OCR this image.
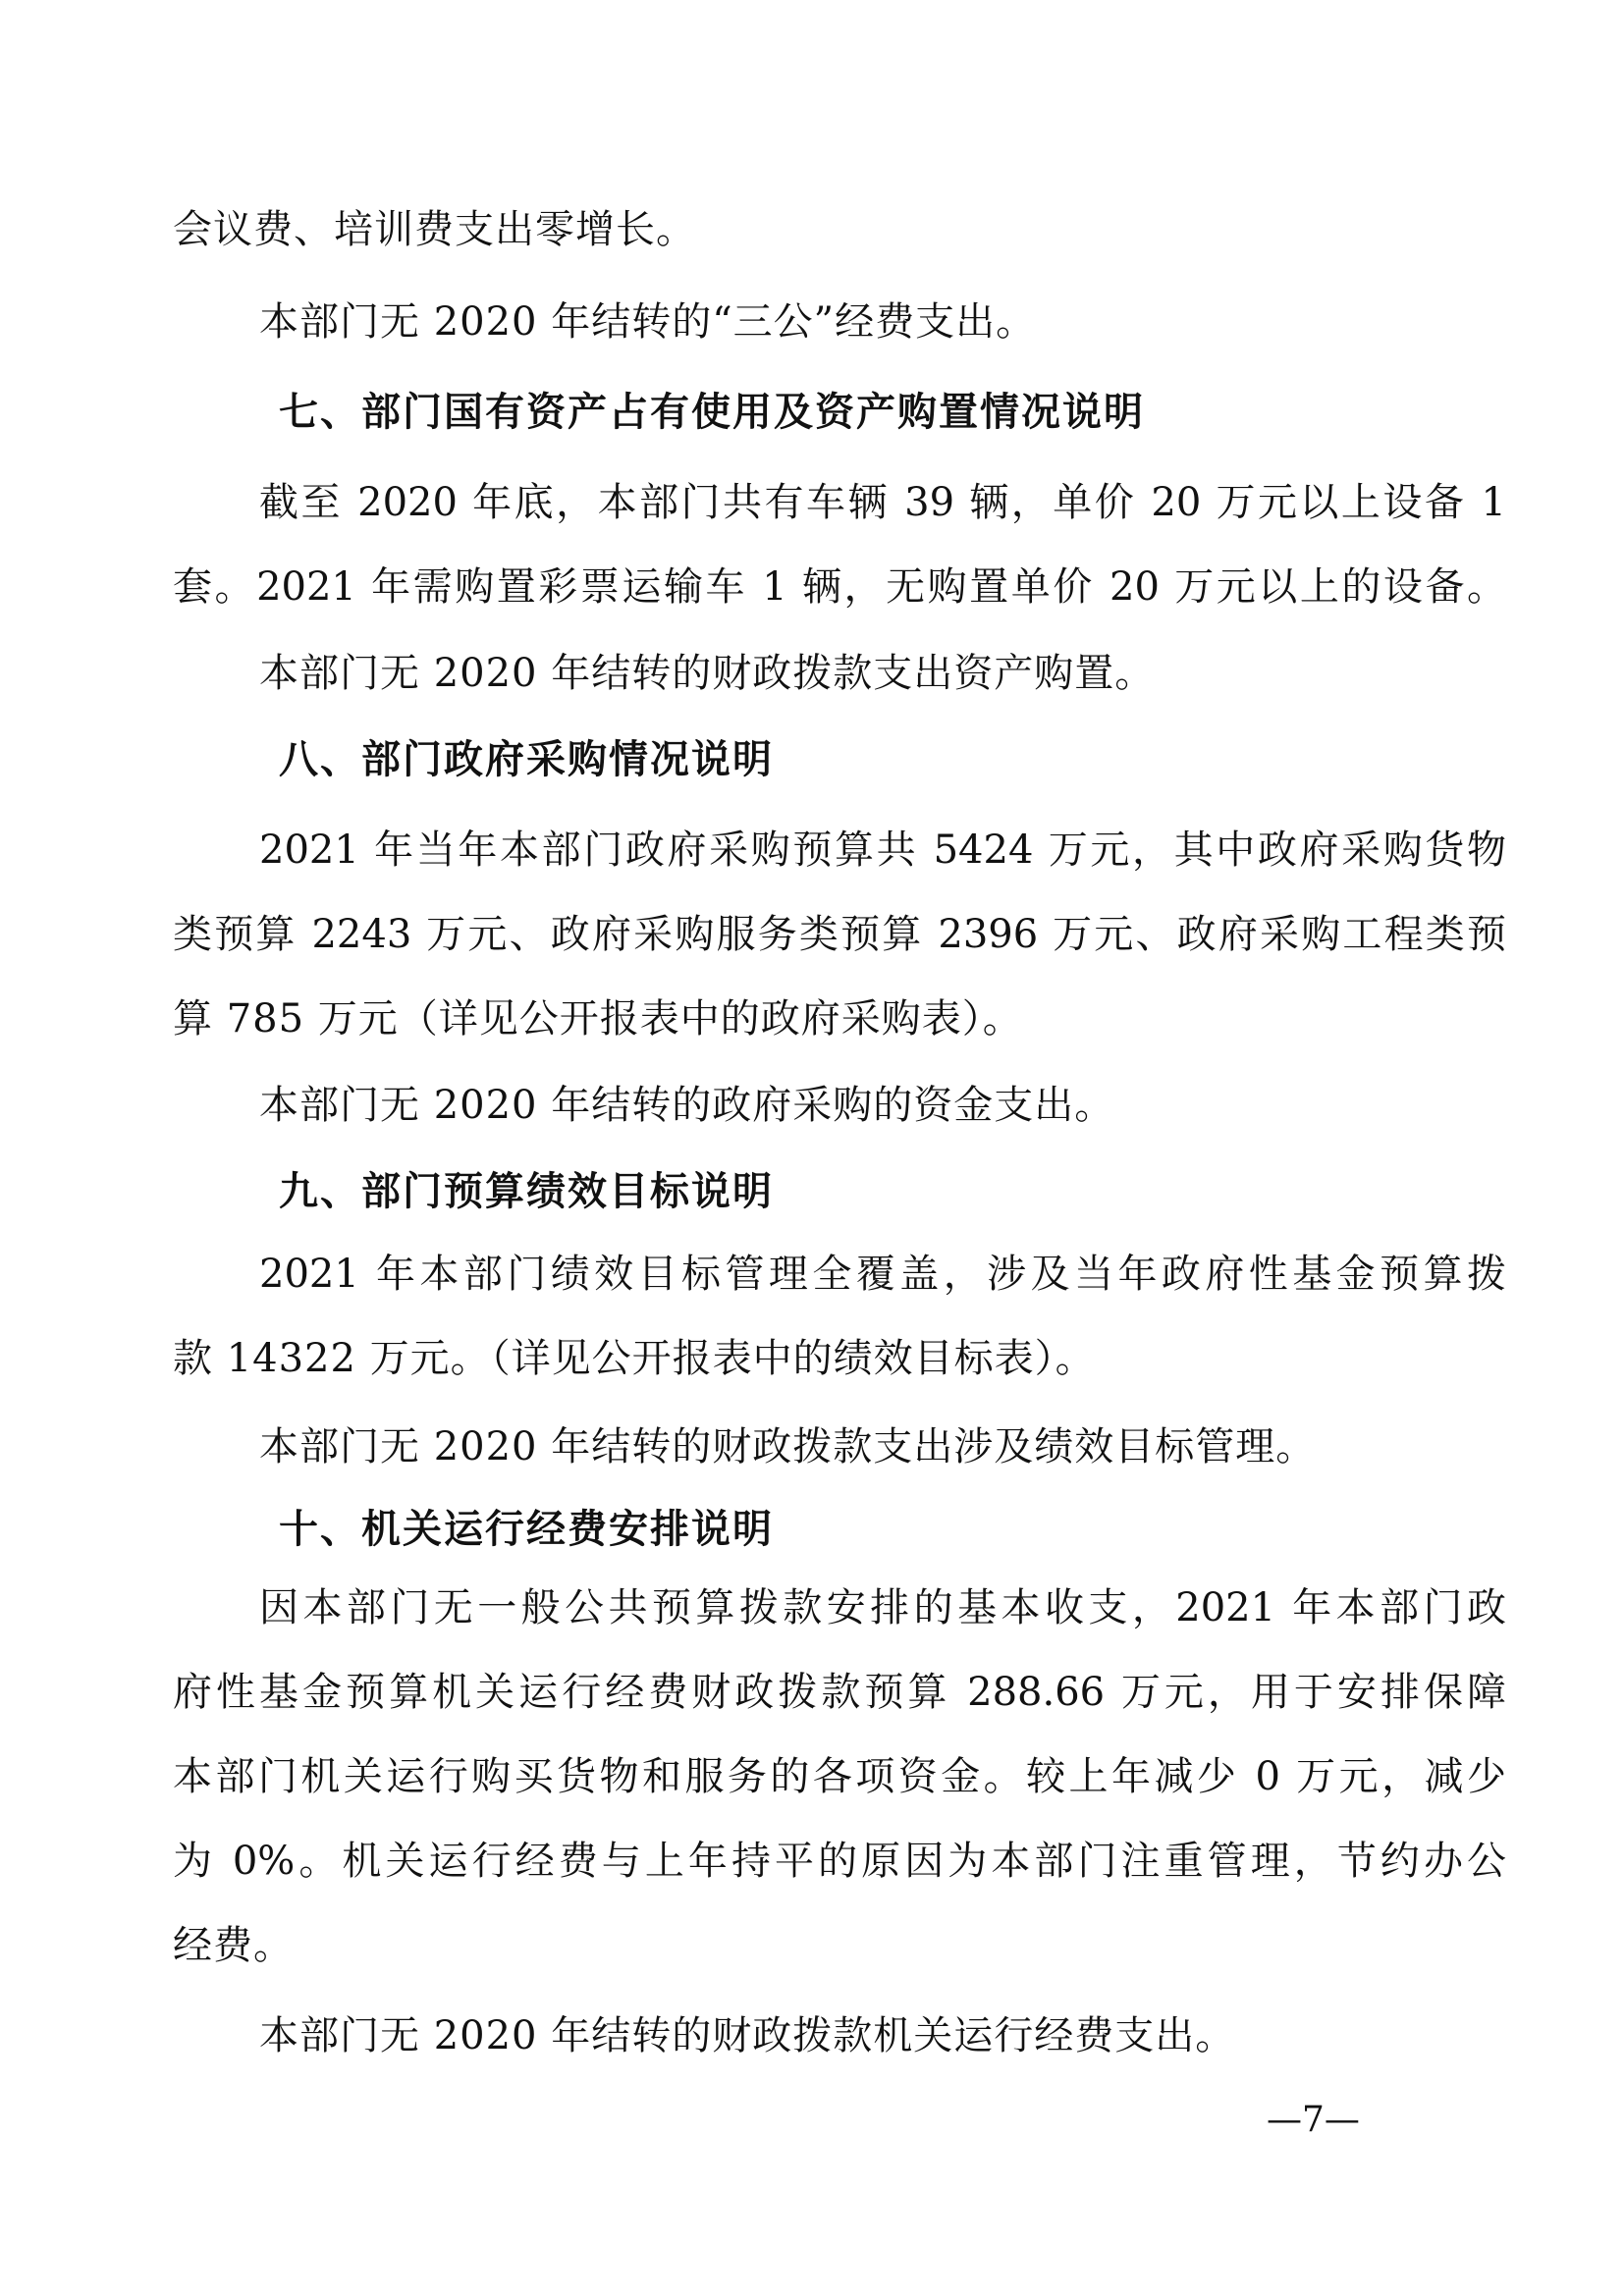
会议费、培训费支出零增长。
本部门无 2020 年结转的“三公”经费支出。
七、部门国有资产占有使用及资产购置情况说明
截至 2020 年底，本部门共有车辆 39 辆，单价 20 万元以上设备 1
套。2021 年需购置彩票运输车 1 辆，无购置单价 20 万元以上的设备。
本部门无 2020 年结转的财政拨款支出资产购置。
八、部门政府采购情况说明
2021 年当年本部门政府采购预算共 5424 万元，其中政府采购货物
类预算 2243 万元、政府采购服务类预算 2396 万元、政府采购工程类预
算 785 万元（详见公开报表中的政府采购表）。
本部门无 2020 年结转的政府采购的资金支出。
九、部门预算绩效目标说明
2021 年本部门绩效目标管理全覆盖，涉及当年政府性基金预算拨
款 14322 万元。（详见公开报表中的绩效目标表）。
本部门无 2020 年结转的财政拨款支出涉及绩效目标管理。
十、机关运行经费安排说明
因本部门无一般公共预算拨款安排的基本收支，2021 年本部门政
府性基金预算机关运行经费财政拨款预算 288.66 万元，用于安排保障
本部门机关运行购买货物和服务的各项资金。较上年减少 0 万元，减少
为 0%。机关运行经费与上年持平的原因为本部门注重管理，节约办公
经费。
本部门无 2020 年结转的财政拨款机关运行经费支出。
—7—
